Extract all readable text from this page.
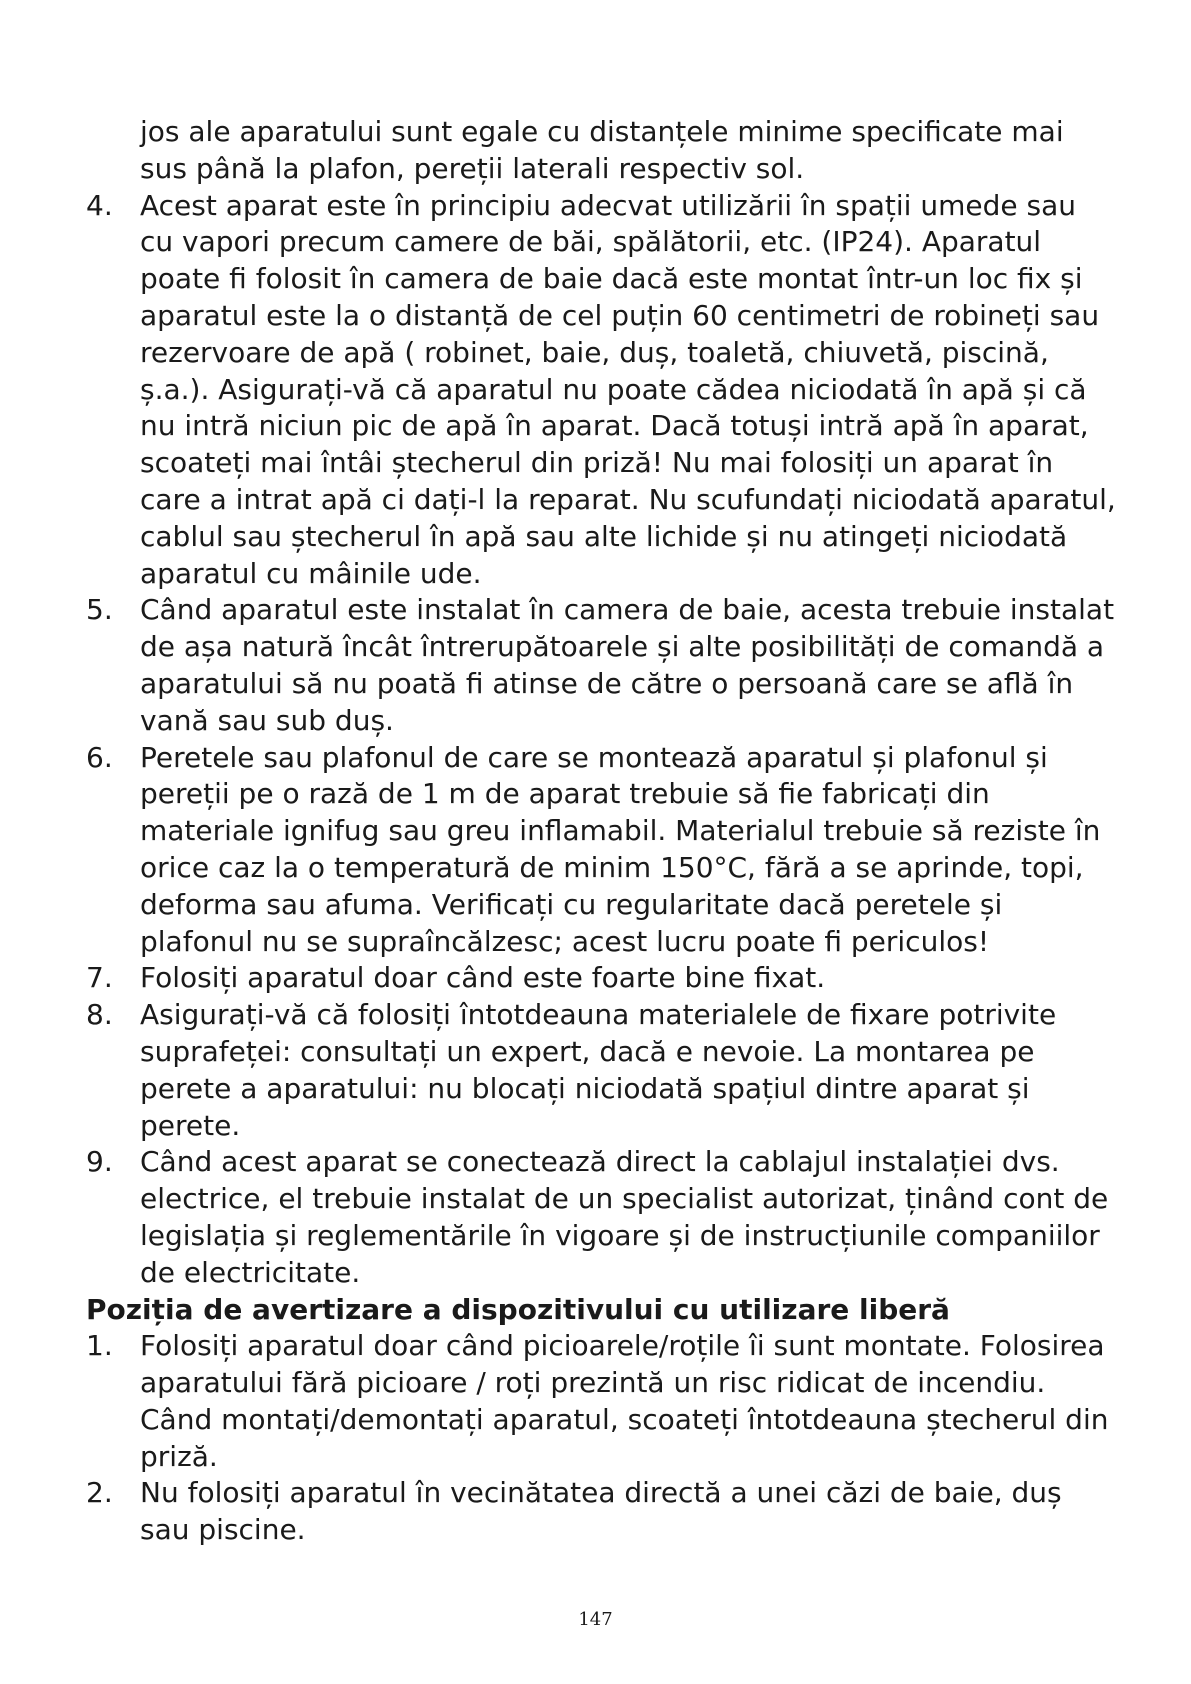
jos ale aparatului sunt egale cu distanțele minime specificate mai sus până la plafon, pereții laterali respectiv sol.

4. Acest aparat este în principiu adecvat utilizării în spații umede sau cu vapori precum camere de băi, spălătorii, etc. (IP24). Aparatul poate fi folosit în camera de baie dacă este montat într-un loc fix și aparatul este la o distanță de cel puțin 60 centimetri de robineți sau rezervoare de apă ( robinet, baie, duș, toaletă, chiuvetă, piscină, ș.a.). Asigurați-vă că aparatul nu poate cădea niciodată în apă și că nu intră niciun pic de apă în aparat. Dacă totuși intră apă în aparat, scoateți mai întâi ștecherul din priză! Nu mai folosiți un aparat în care a intrat apă ci dați-l la reparat. Nu scufundați niciodată aparatul, cablul sau ștecherul în apă sau alte lichide și nu atingeți niciodată aparatul cu mâinile ude.
5. Când aparatul este instalat în camera de baie, acesta trebuie instalat de așa natură încât întrerupătoarele și alte posibilități de comandă a aparatului să nu poată fi atinse de către o persoană care se află în vană sau sub duș.
6. Peretele sau plafonul de care se montează aparatul și plafonul și pereții pe o rază de 1 m de aparat trebuie să fie fabricați din materiale ignifug sau greu inflamabil. Materialul trebuie să reziste în orice caz la o temperatură de minim 150°C, fără a se aprinde, topi, deforma sau afuma. Verificați cu regularitate dacă peretele și plafonul nu se supraîncălzesc; acest lucru poate fi periculos!
7. Folosiți aparatul doar când este foarte bine fixat.
8. Asigurați-vă că folosiți întotdeauna materialele de fixare potrivite suprafeței: consultați un expert, dacă e nevoie. La montarea pe perete a aparatului: nu blocați niciodată spațiul dintre aparat și perete.
9. Când acest aparat se conectează direct la cablajul instalației dvs. electrice, el trebuie instalat de un specialist autorizat, ținând cont de legislația și reglementările în vigoare și de instrucțiunile companiilor de electricitate.

Poziția de avertizare a dispozitivului cu utilizare liberă

1. Folosiți aparatul doar când picioarele/roțile îi sunt montate. Folosirea aparatului fără picioare / roți prezintă un risc ridicat de incendiu. Când montați/demontați aparatul, scoateți întotdeauna ștecherul din priză.
2. Nu folosiți aparatul în vecinătatea directă a unei căzi de baie, duș sau piscine.
147
